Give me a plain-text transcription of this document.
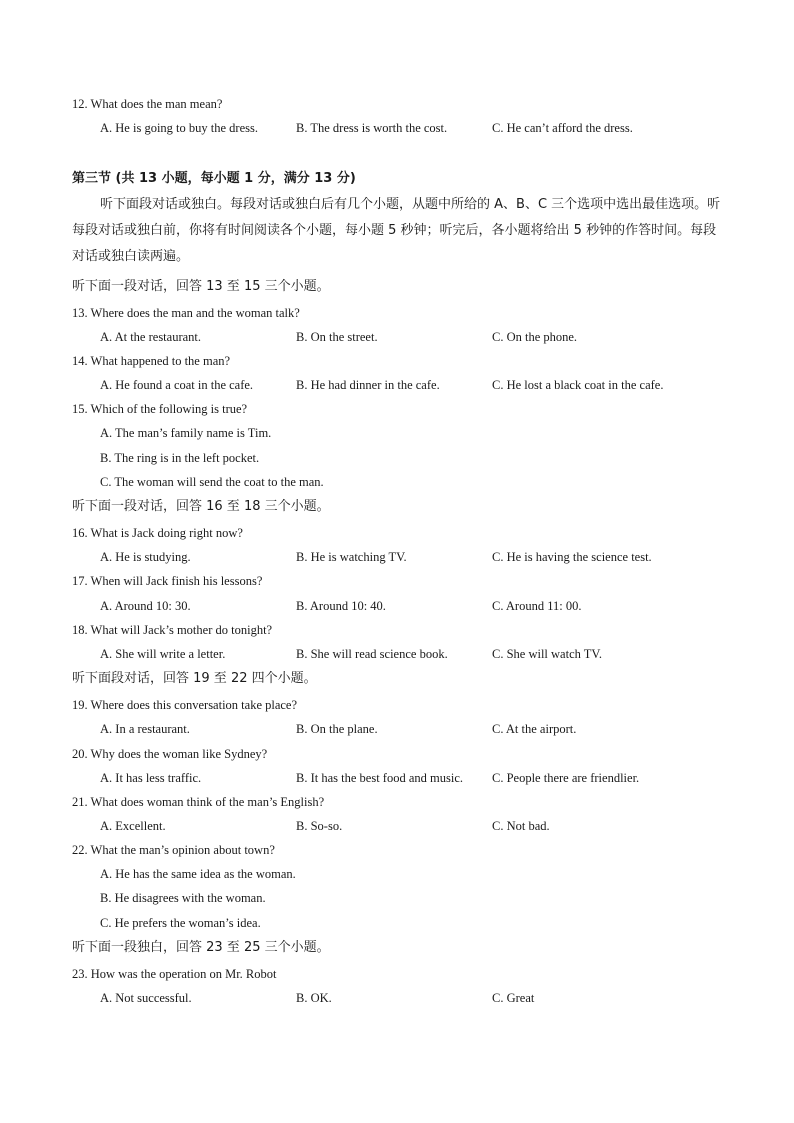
12. What does the man mean?
A. He is going to buy the dress.	B. The dress is worth the cost.	C. He can’t afford the dress.
第三节 (共 13 小题，每小题 1 分，满分 13 分)
听下面段对话或独白。每段对话或独白后有几个小题，从题中所给的 A、B、C 三个选项中选出最佳选项。听每段对话或独白前，你将有时间阅读各个小题，每小题 5 秒钟；听完后，各小题将给出 5 秒钟的作答时间。每段对话或独白读两遍。
听下面一段对话，回答 13 至 15 三个小题。
13. Where does the man and the woman talk?
A. At the restaurant.	B. On the street.	C. On the phone.
14. What happened to the man?
A. He found a coat in the cafe.	B. He had dinner in the cafe.	C. He lost a black coat in the cafe.
15. Which of the following is true?
A. The man’s family name is Tim.
B. The ring is in the left pocket.
C. The woman will send the coat to the man.
听下面一段对话，回答 16 至 18 三个小题。
16. What is Jack doing right now?
A. He is studying.	B. He is watching TV.	C. He is having the science test.
17. When will Jack finish his lessons?
A. Around 10: 30.	B. Around 10: 40.	C. Around 11: 00.
18. What will Jack’s mother do tonight?
A. She will write a letter.	B. She will read science book.	C. She will watch TV.
听下面段对话，回答 19 至 22 四个小题。
19. Where does this conversation take place?
A. In a restaurant.	B. On the plane.	C. At the airport.
20. Why does the woman like Sydney?
A. It has less traffic.	B. It has the best food and music. C. People there are friendlier.
21. What does woman think of the man’s English?
A. Excellent.	B. So-so.	C. Not bad.
22. What the man’s opinion about town?
A. He has the same idea as the woman.
B. He disagrees with the woman.
C. He prefers the woman’s idea.
听下面一段独白，回答 23 至 25 三个小题。
23. How was the operation on Mr. Robot
A. Not successful.	B. OK.	C. Great
